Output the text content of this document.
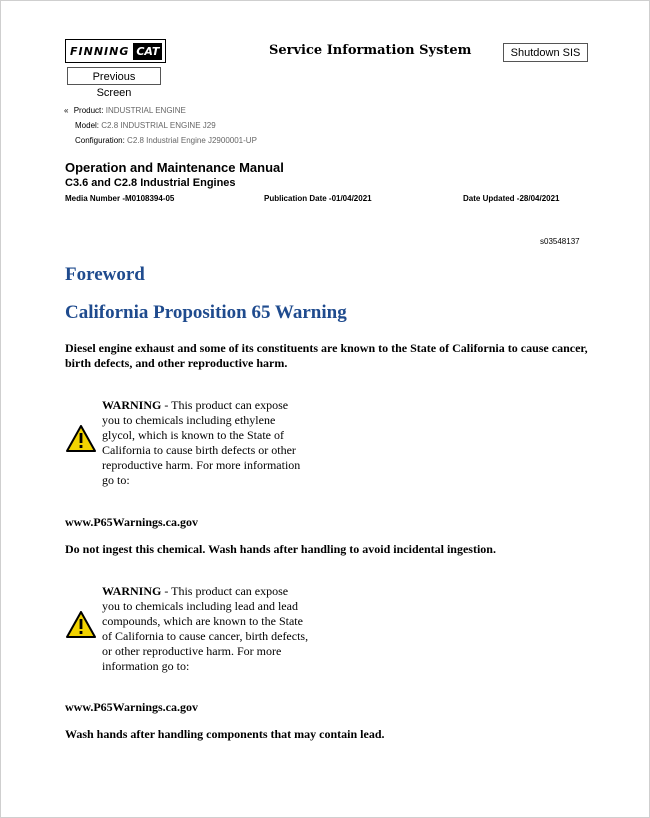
FINNING CAT	Service Information System	Shutdown SIS
Previous Screen
« Product: INDUSTRIAL ENGINE
Model: C2.8 INDUSTRIAL ENGINE J29
Configuration: C2.8 Industrial Engine J2900001-UP
Operation and Maintenance Manual
C3.6 and C2.8 Industrial Engines
Media Number -M0108394-05	Publication Date -01/04/2021	Date Updated -28/04/2021
s03548137
Foreword
California Proposition 65 Warning
Diesel engine exhaust and some of its constituents are known to the State of California to cause cancer, birth defects, and other reproductive harm.
WARNING - This product can expose
you to chemicals including ethylene
glycol, which is known to the State of
California to cause birth defects or other
reproductive harm. For more information
go to:
www.P65Warnings.ca.gov
Do not ingest this chemical. Wash hands after handling to avoid incidental ingestion.
WARNING - This product can expose
you to chemicals including lead and lead
compounds, which are known to the State
of California to cause cancer, birth defects,
or other reproductive harm. For more
information go to:
www.P65Warnings.ca.gov
Wash hands after handling components that may contain lead.
